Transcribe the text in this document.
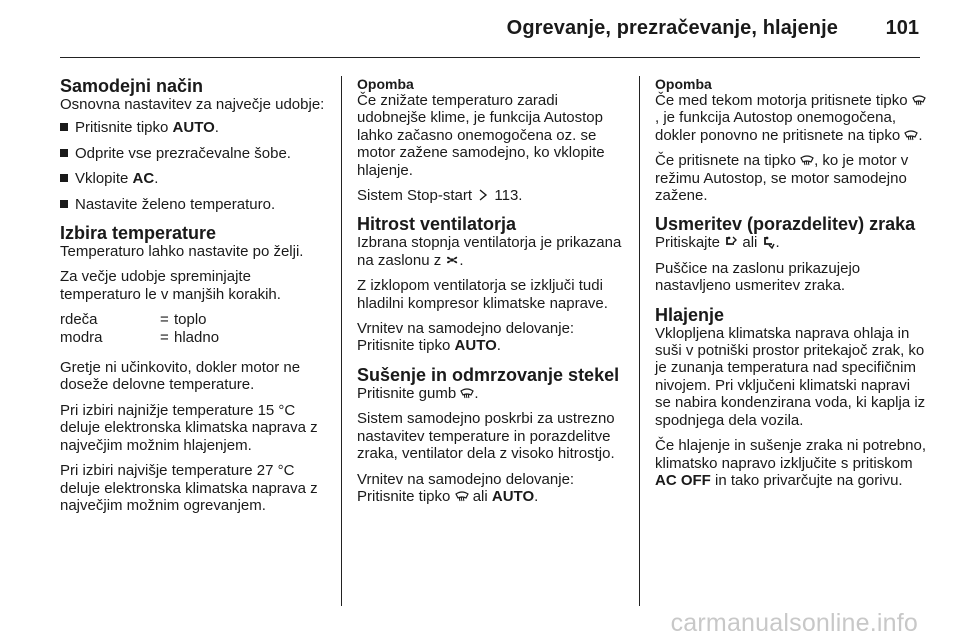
Ogrevanje, prezračevanje, hlajenje 101
Samodejni način

Osnovna nastavitev za največje udobje:

Pritisnite tipko AUTO.
Odprite vse prezračevalne šobe.
Vklopite AC.
Nastavite želeno temperaturo.
Izbira temperature

Temperaturo lahko nastavite po želji.

Za večje udobje spreminjajte temperaturo le v manjših korakih.

rdeča	= toplo
modra	= hladno

Gretje ni učinkovito, dokler motor ne doseže delovne temperature.

Pri izbiri najnižje temperature 15 °C deluje elektronska klimatska naprava z največjim možnim hlajenjem.

Pri izbiri najvišje temperature 27 °C deluje elektronska klimatska naprava z največjim možnim ogrevanjem.

Opomba

Če znižate temperaturo zaradi udobnejše klime, je funkcija Autostop lahko začasno onemogočena oz. se motor zažene samodejno, ko vklopite hlajenje.

Sistem Stop-start
113.

Hitrost ventilatorja

Izbrana stopnja ventilatorja je prikazana na zaslonu z
.

Z izklopom ventilatorja se izključi tudi hladilni kompresor klimatske naprave.

Vrnitev na samodejno delovanje:
Pritisnite tipko AUTO.

Sušenje in odmrzovanje stekel

Pritisnite gumb
.

Sistem samodejno poskrbi za ustrezno nastavitev temperature in porazdelitve zraka, ventilator dela z visoko hitrostjo.

Vrnitev na samodejno delovanje:
Pritisnite tipko
ali AUTO.

Opomba

Če med tekom motorja pritisnete tipko
, je funkcija Autostop onemogočena, dokler ponovno ne pritisnete na tipko
.

Če pritisnete na tipko
, ko je motor v režimu Autostop, se motor samodejno zažene.

Usmeritev (porazdelitev) zraka

Pritiskajte
ali
.

Puščice na zaslonu prikazujejo nastavljeno usmeritev zraka.

Hlajenje

Vklopljena klimatska naprava ohlaja in suši v potniški prostor pritekajoč zrak, ko je zunanja temperatura nad specifičnim nivojem. Pri vključeni klimatski napravi se nabira kondenzirana voda, ki kaplja iz spodnjega dela vozila.

Če hlajenje in sušenje zraka ni potrebno, klimatsko napravo izključite s pritiskom AC OFF in tako privarčujte na gorivu.

carmanualsonline.info
